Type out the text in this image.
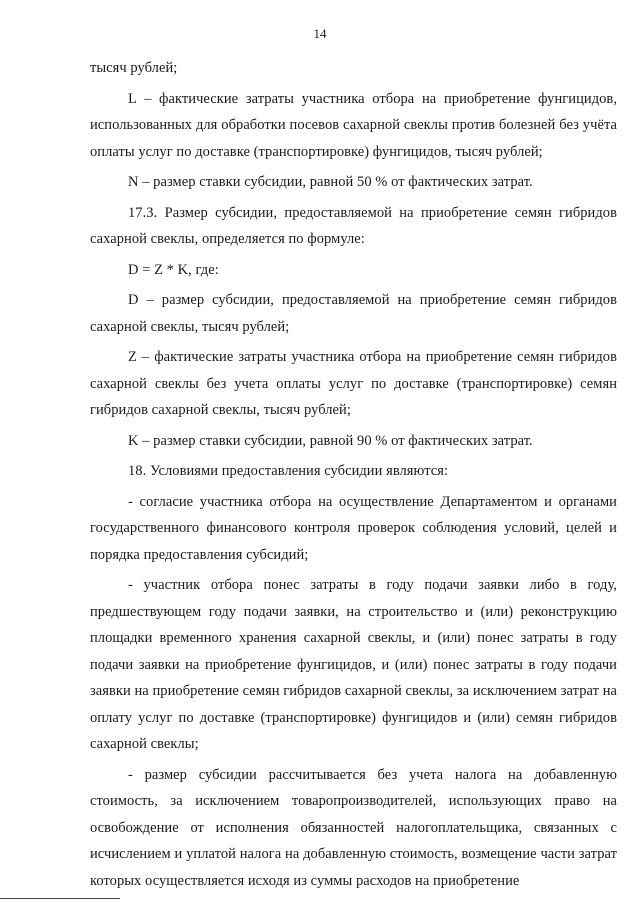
14

тысяч рублей;

L – фактические затраты участника отбора на приобретение фунгицидов, использованных для обработки посевов сахарной свеклы против болезней без учёта оплаты услуг по доставке (транспортировке) фунгицидов, тысяч рублей;

N – размер ставки субсидии, равной 50 % от фактических затрат.

17.3. Размер субсидии, предоставляемой на приобретение семян гибридов сахарной свеклы, определяется по формуле:

D = Z * K, где:

D – размер субсидии, предоставляемой на приобретение семян гибридов сахарной свеклы, тысяч рублей;

Z – фактические затраты участника отбора на приобретение семян гибридов сахарной свеклы без учета оплаты услуг по доставке (транспортировке) семян гибридов сахарной свеклы, тысяч рублей;

K – размер ставки субсидии, равной 90 % от фактических затрат.

18. Условиями предоставления субсидии являются:

- согласие участника отбора на осуществление Департаментом и органами государственного финансового контроля проверок соблюдения условий, целей и порядка предоставления субсидий;

- участник отбора понес затраты в году подачи заявки либо в году, предшествующем году подачи заявки, на строительство и (или) реконструкцию площадки временного хранения сахарной свеклы, и (или) понес затраты в году подачи заявки на приобретение фунгицидов, и (или) понес затраты в году подачи заявки на приобретение семян гибридов сахарной свеклы, за исключением затрат на оплату услуг по доставке (транспортировке) фунгицидов и (или) семян гибридов сахарной свеклы;

- размер субсидии рассчитывается без учета налога на добавленную стоимость, за исключением товаропроизводителей, использующих право на освобождение от исполнения обязанностей налогоплательщика, связанных с исчислением и уплатой налога на добавленную стоимость, возмещение части затрат которых осуществляется исходя из суммы расходов на приобретение
